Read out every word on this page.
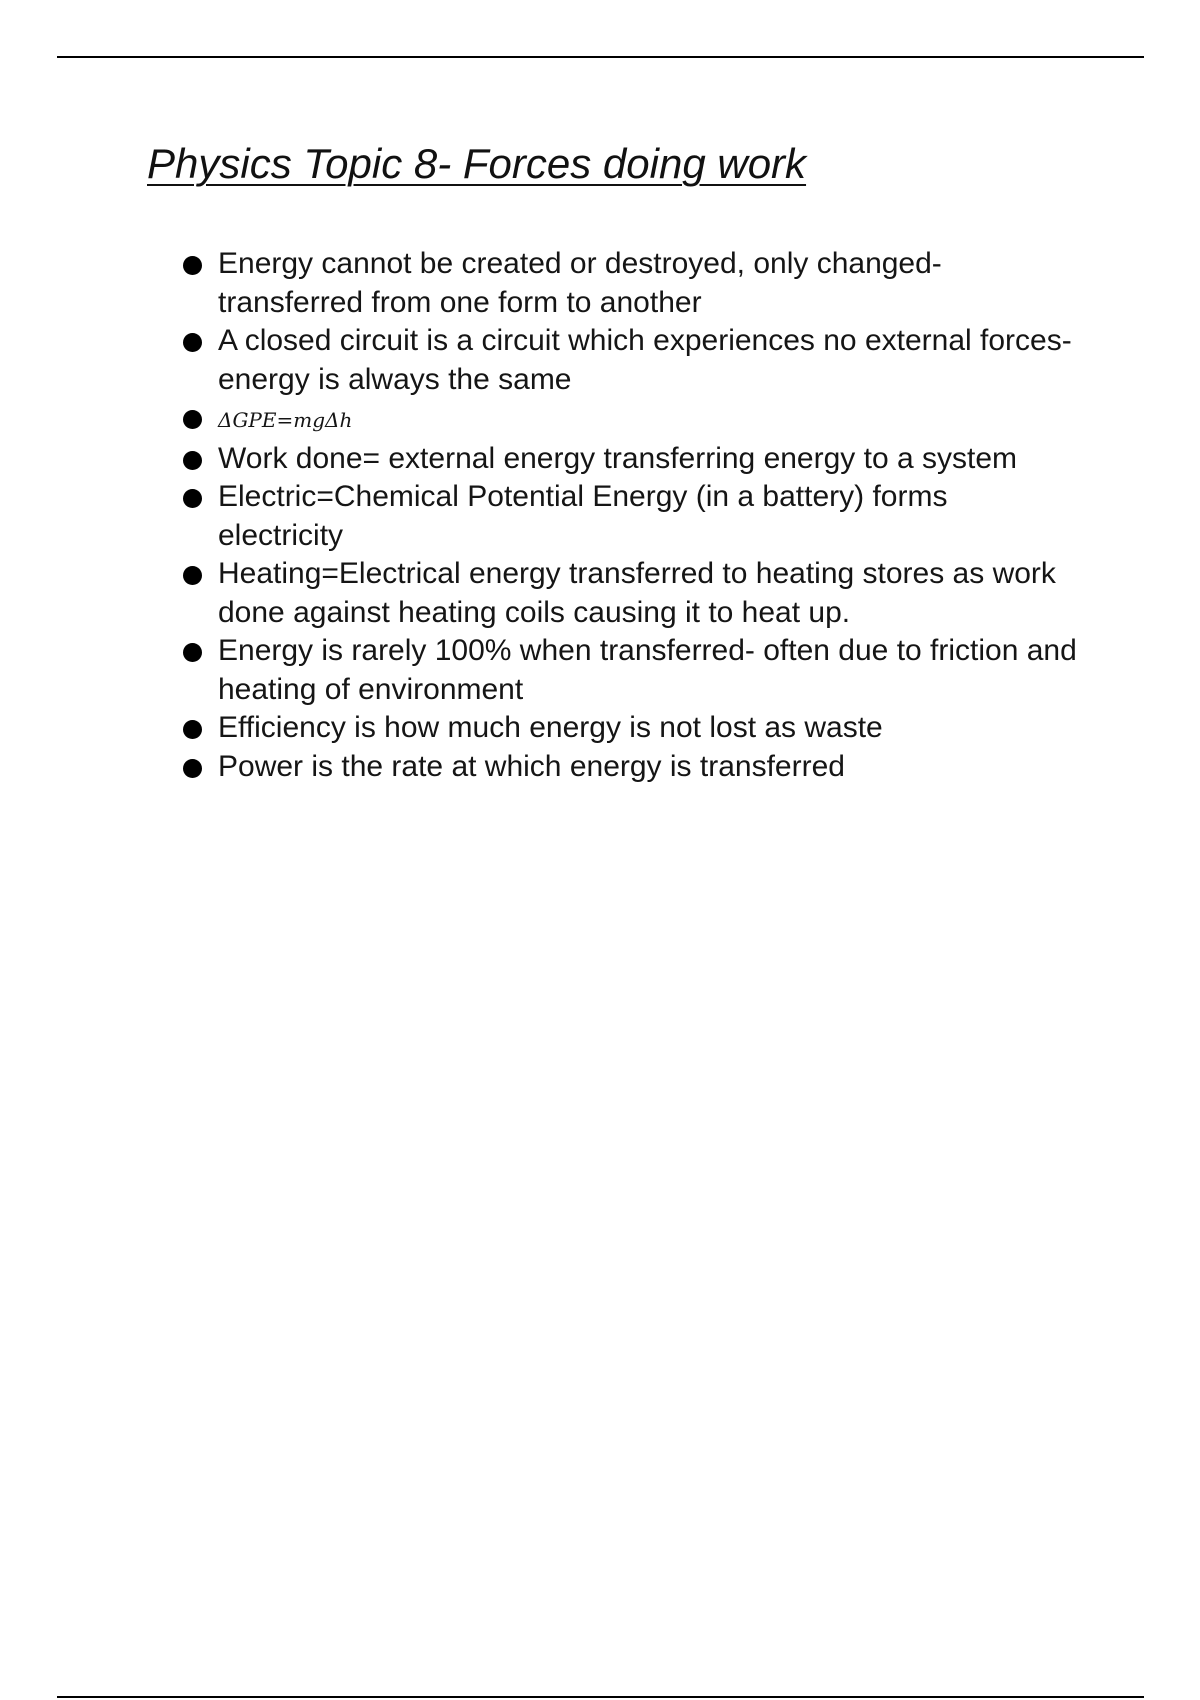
Physics Topic 8- Forces doing work
Energy cannot be created or destroyed, only changed- transferred from one form to another
A closed circuit is a circuit which experiences no external forces- energy is always the same
ΔGPE=mgΔh
Work done= external energy transferring energy to a system
Electric=Chemical Potential Energy (in a battery) forms electricity
Heating=Electrical energy transferred to heating stores as work done against heating coils causing it to heat up.
Energy is rarely 100% when transferred- often due to friction and heating of environment
Efficiency is how much energy is not lost as waste
Power is the rate at which energy is transferred
